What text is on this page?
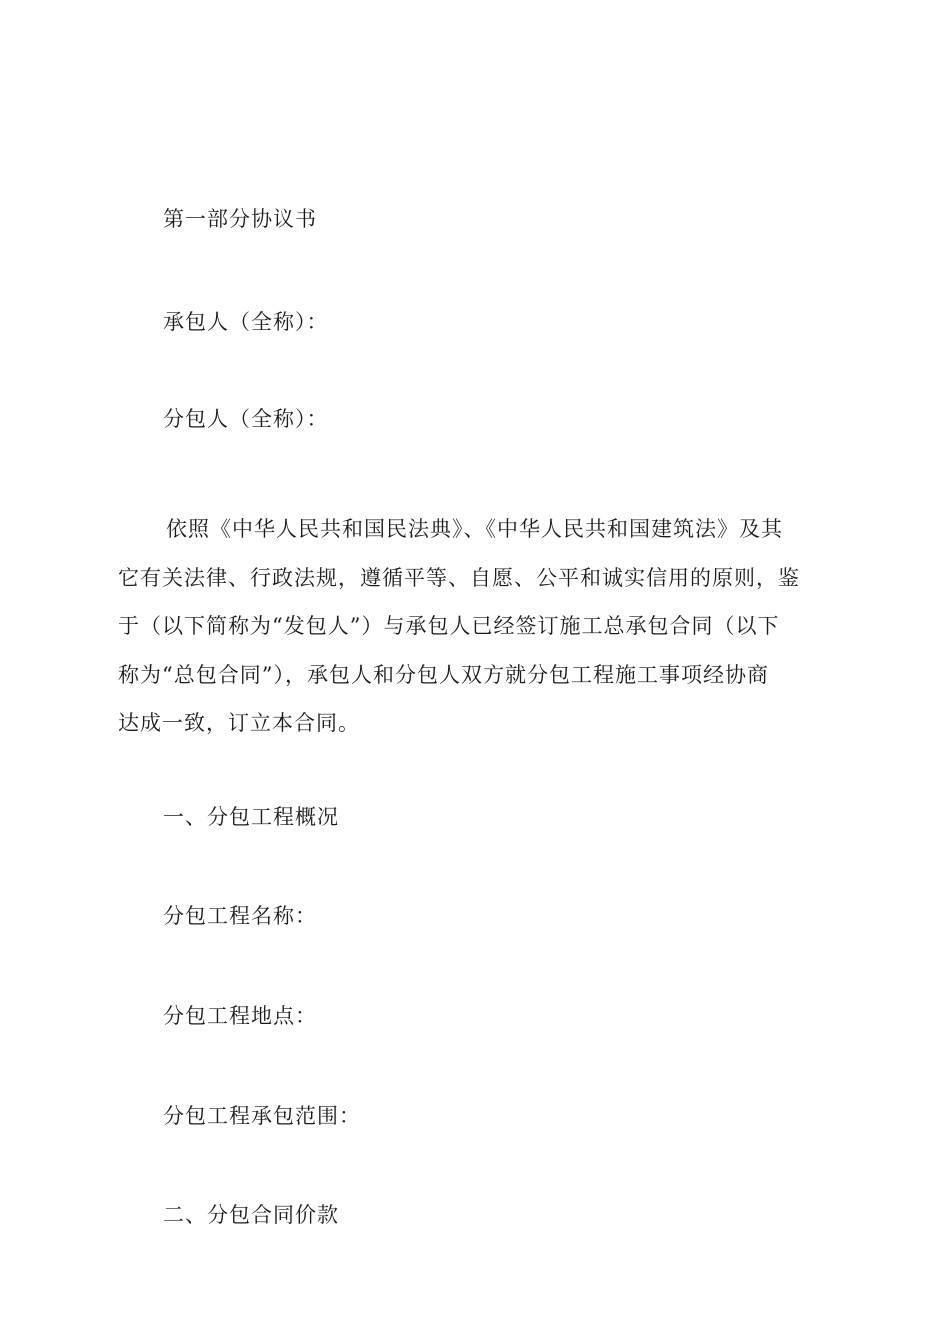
第一部分协议书
承包人（全称）：
分包人（全称）：
依照《中华人民共和国民法典》、《中华人民共和国建筑法》及其
它有关法律、行政法规，遵循平等、自愿、公平和诚实信用的原则，鉴
于（以下简称为“发包人”）与承包人已经签订施工总承包合同（以下
称为“总包合同”），承包人和分包人双方就分包工程施工事项经协商
达成一致，订立本合同。
一、分包工程概况
分包工程名称：
分包工程地点：
分包工程承包范围：
二、分包合同价款
